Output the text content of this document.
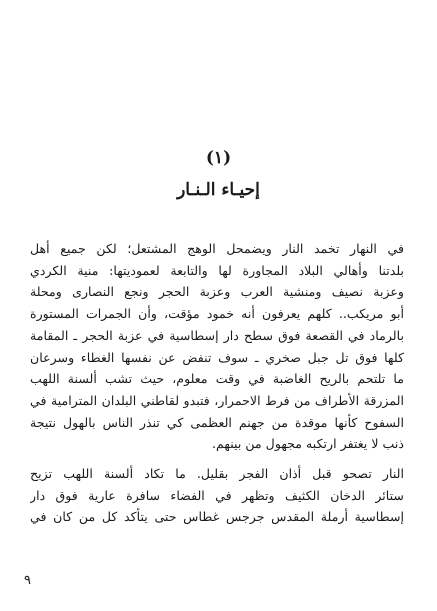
(١)
إحيـاء الـنـار

في النهار تخمد النار ويضمحل الوهج المشتعل؛ لكن جميع أهل
بلدتنا وأهالي البلاد المجاورة لها والتابعة لعموديتها: منية الكردي
وعزبة نصيف ومنشية العرب وعزبة الحجر ونجع النصارى ومحلة
أبو مريكب.. كلهم يعرفون أنه خمود مؤقت، وأن الجمرات المستورة
بالرماد في القصعة فوق سطح دار إسطاسية في عزبة الحجر ـ المقامة
كلها فوق تل جبل صخري ـ سوف تنفض عن نفسها الغطاء وسرعان
ما تلتحم بالريح الغاضبة في وقت معلوم، حيث تشب ألسنة اللهب
المزرقة الأطراف من فرط الاحمرار، فتبدو لقاطني البلدان المترامية في
السفوح كأنها موقدة من جهنم العظمى كي تنذر الناس بالهول نتيجة
ذنب لا يغتفر ارتكبه مجهول من بينهم.

النار تصحو قبل أذان الفجر بقليل. ما تكاد ألسنة اللهب تزيح
ستائر الدخان الكثيف وتظهر في الفضاء سافرة عارية فوق دار
إسطاسية أرملة المقدس جرجس غطاس حتى يتأكد كل من كان في

٩
